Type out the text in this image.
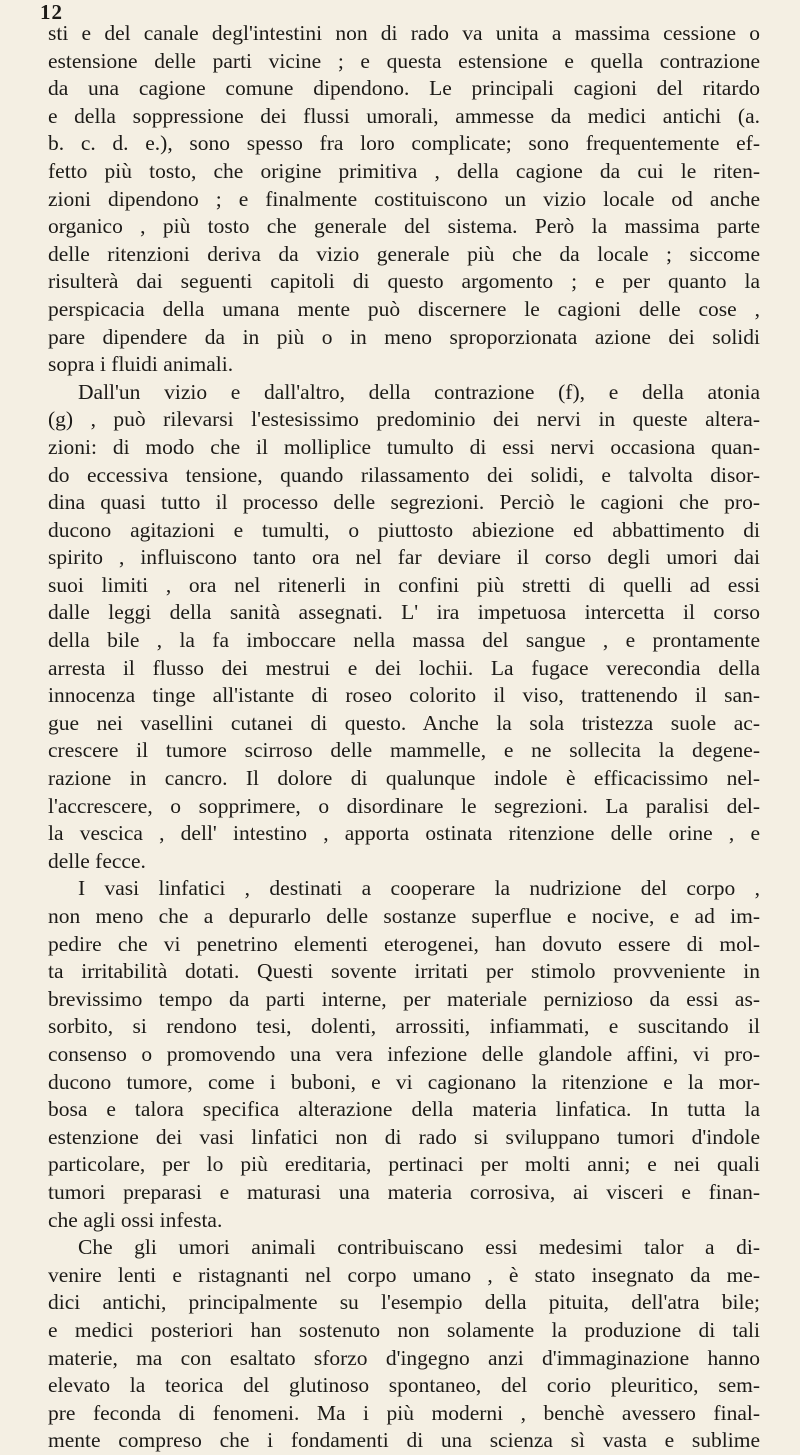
12
sti e del canale degl'intestini non di rado va unita a massima cessione o
estensione delle parti vicine ; e questa estensione e quella contrazione
da una cagione comune dipendono. Le principali cagioni del ritardo
e della soppressione dei flussi umorali, ammesse da medici antichi (a.
b. c. d. e.), sono spesso fra loro complicate; sono frequentemente ef-
fetto più tosto, che origine primitiva , della cagione da cui le riten-
zioni dipendono ; e finalmente costituiscono un vizio locale od anche
organico , più tosto che generale del sistema. Però la massima parte
delle ritenzioni deriva da vizio generale più che da locale ; siccome
risulterà dai seguenti capitoli di questo argomento ; e per quanto la
perspicacia della umana mente può discernere le cagioni delle cose ,
pare dipendere da in più o in meno sproporzionata azione dei solidi
sopra i fluidi animali.
Dall'un vizio e dall'altro, della contrazione (f), e della atonia
(g) , può rilevarsi l'estesissimo predominio dei nervi in queste altera-
zioni: di modo che il molliplice tumulto di essi nervi occasiona quan-
do eccessiva tensione, quando rilassamento dei solidi, e talvolta disor-
dina quasi tutto il processo delle segrezioni. Perciò le cagioni che pro-
ducono agitazioni e tumulti, o piuttosto abiezione ed abbattimento di
spirito , influiscono tanto ora nel far deviare il corso degli umori dai
suoi limiti , ora nel ritenerli in confini più stretti di quelli ad essi
dalle leggi della sanità assegnati. L' ira impetuosa intercetta il corso
della bile , la fa imboccare nella massa del sangue , e prontamente
arresta il flusso dei mestrui e dei lochii. La fugace verecondia della
innocenza tinge all'istante di roseo colorito il viso, trattenendo il san-
gue nei vasellini cutanei di questo. Anche la sola tristezza suole ac-
crescere il tumore scirroso delle mammelle, e ne sollecita la degene-
razione in cancro. Il dolore di qualunque indole è efficacissimo nel-
l'accrescere, o sopprimere, o disordinare le segrezioni. La paralisi del-
la vescica , dell' intestino , apporta ostinata ritenzione delle orine , e
delle fecce.
I vasi linfatici , destinati a cooperare la nudrizione del corpo ,
non meno che a depurarlo delle sostanze superflue e nocive, e ad im-
pedire che vi penetrino elementi eterogenei, han dovuto essere di mol-
ta irritabilità dotati. Questi sovente irritati per stimolo provveniente in
brevissimo tempo da parti interne, per materiale pernizioso da essi as-
sorbito, si rendono tesi, dolenti, arrossiti, infiammati, e suscitando il
consenso o promovendo una vera infezione delle glandole affini, vi pro-
ducono tumore, come i buboni, e vi cagionano la ritenzione e la mor-
bosa e talora specifica alterazione della materia linfatica. In tutta la
estenzione dei vasi linfatici non di rado si sviluppano tumori d'indole
particolare, per lo più ereditaria, pertinaci per molti anni; e nei quali
tumori preparasi e maturasi una materia corrosiva, ai visceri e finan-
che agli ossi infesta.
Che gli umori animali contribuiscano essi medesimi talor a di-
venire lenti e ristagnanti nel corpo umano , è stato insegnato da me-
dici antichi, principalmente su l'esempio della pituita, dell'atra bile;
e medici posteriori han sostenuto non solamente la produzione di tali
materie, ma con esaltato sforzo d'ingegno anzi d'immaginazione hanno
elevato la teorica del glutinoso spontaneo, del corio pleuritico, sem-
pre feconda di fenomeni. Ma i più moderni , benchè avessero final-
mente compreso che i fondamenti di una scienza sì vasta e sublime
